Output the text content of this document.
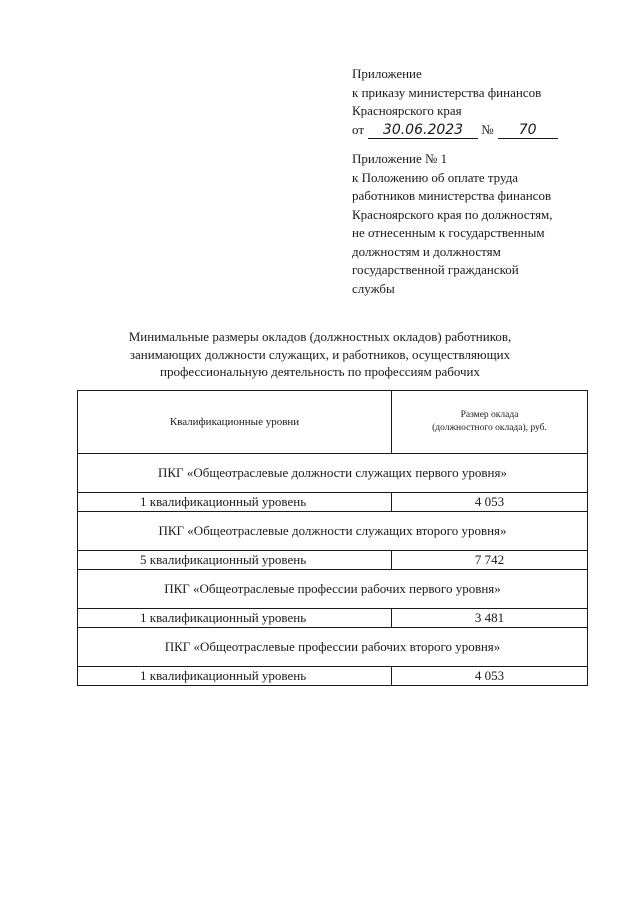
Приложение
к приказу министерства финансов
Красноярского края
от 30.06.2023 № 70
Приложение № 1
к Положению об оплате труда
работников министерства финансов
Красноярского края по должностям,
не отнесенным к государственным
должностям и должностям
государственной гражданской
службы
Минимальные размеры окладов (должностных окладов) работников,
занимающих должности служащих, и работников, осуществляющих
профессиональную деятельность по профессиям рабочих
Квалификационные уровни	Размер оклада
(должностного оклада), руб.

ПКГ «Общеотраслевые должности служащих первого уровня»	
1 квалификационный уровень	4 053
ПКГ «Общеотраслевые должности служащих второго уровня»	
5 квалификационный уровень	7 742
ПКГ «Общеотраслевые профессии рабочих первого уровня»	
1 квалификационный уровень	3 481
ПКГ «Общеотраслевые профессии рабочих второго уровня»	
1 квалификационный уровень	4 053
